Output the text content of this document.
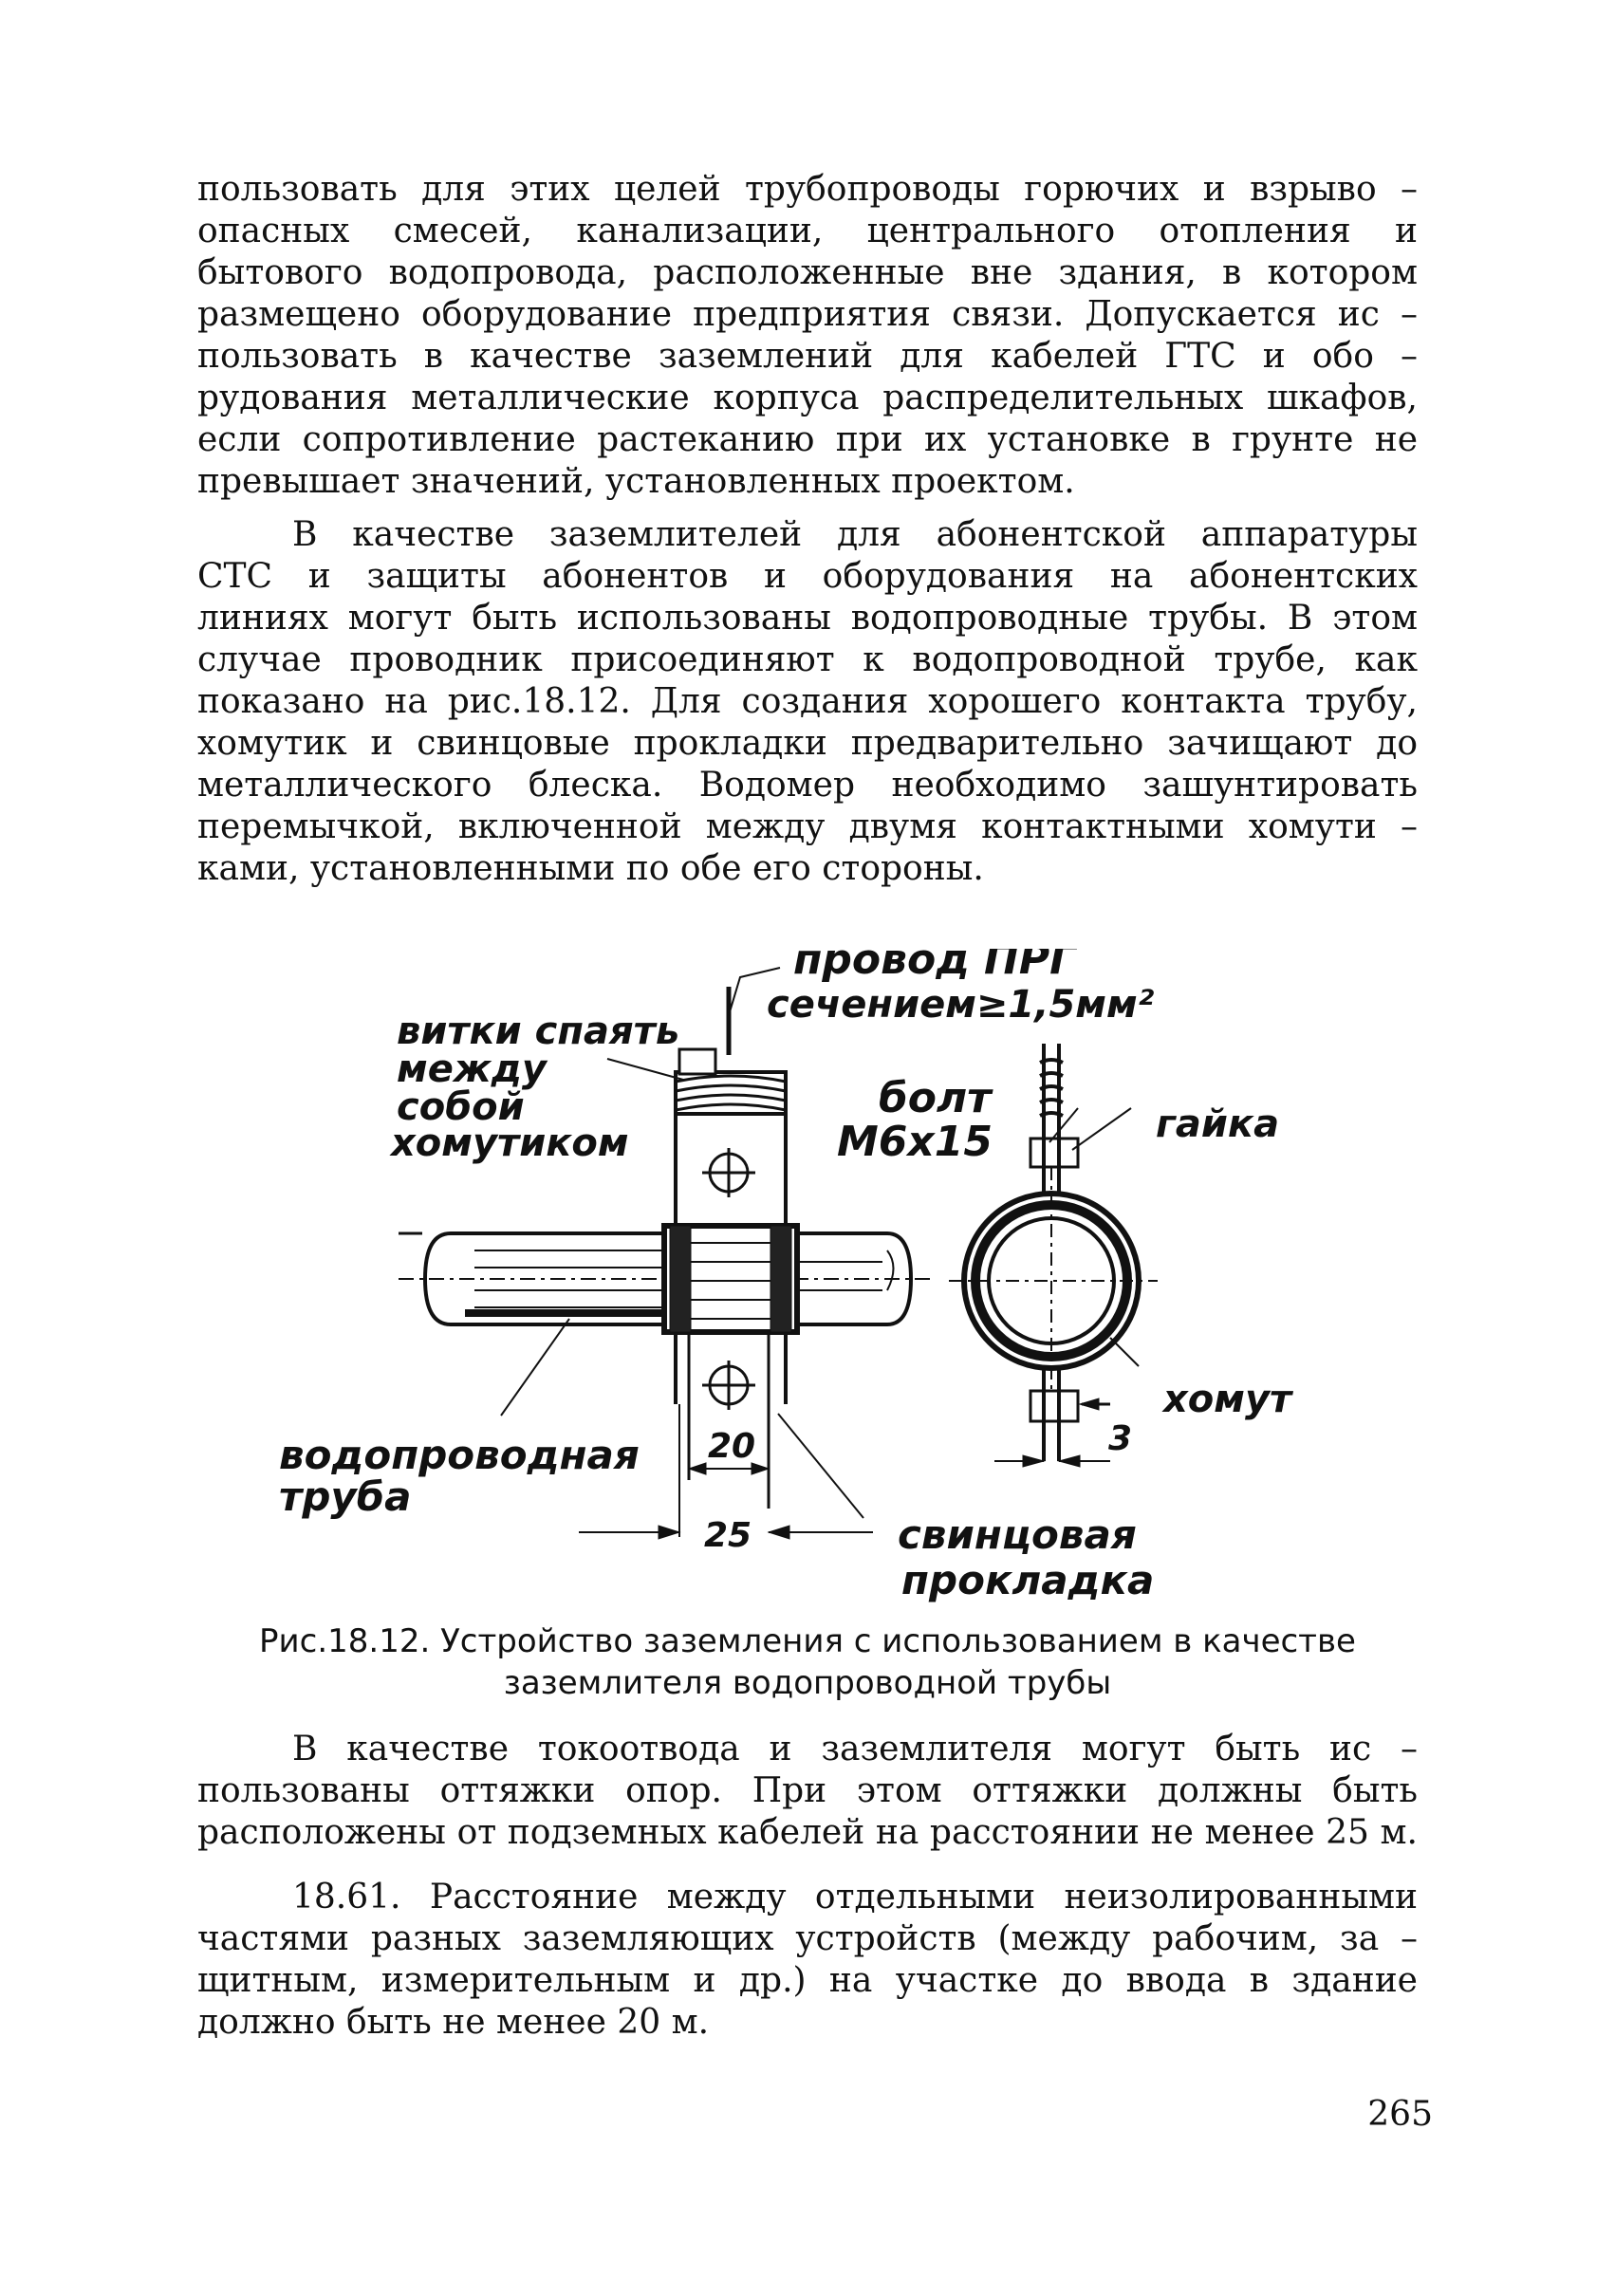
пользовать для этих целей трубопроводы горючих и взрыво –
опасных смесей, канализации, центрального отопления и
бытового водопровода, расположенные вне здания, в котором
размещено оборудование предприятия связи. Допускается ис –
пользовать в качестве заземлений для кабелей ГТС и обо –
рудования металлические корпуса распределительных шкафов,
если сопротивление растеканию при их установке в грунте не
превышает значений, установленных проектом.
В качестве заземлителей для абонентской аппаратуры
СТС и защиты абонентов и оборудования на абонентских
линиях могут быть использованы водопроводные трубы. В этом
случае проводник присоединяют к водопроводной трубе, как
показано на рис.18.12. Для создания хорошего контакта трубу,
хомутик и свинцовые прокладки предварительно зачищают до
металлического блеска. Водомер необходимо зашунтировать
перемычкой, включенной между двумя контактными хомути –
ками, установленными по обе его стороны.
провод ПРГ
сечением≥1,5мм²
витки спаять
между
собой
хомутиком
болт
М6х15	гайка
хомут
водопроводная
труба
свинцовая
прокладка
20
25
3
Рис.18.12. Устройство заземления с использованием в качестве
заземлителя водопроводной трубы
В качестве токоотвода и заземлителя могут быть ис –
пользованы оттяжки опор. При этом оттяжки должны быть
расположены от подземных кабелей на расстоянии не менее 25 м.
18.61. Расстояние между отдельными неизолированными
частями разных заземляющих устройств (между рабочим, за –
щитным, измерительным и др.) на участке до ввода в здание
должно быть не менее 20 м.
265
